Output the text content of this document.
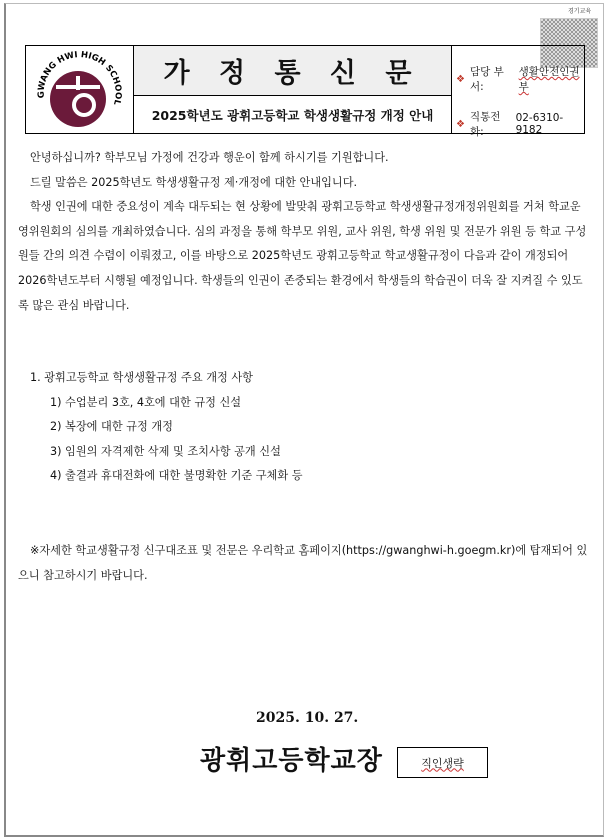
경기교육
GWANG HWI HIGH SCHOOL
가 정 통 신 문
2025학년도 광휘고등학교 학생생활규정 개정 안내
❖
담당 부서:
생활안전인권부
❖
직통전화:
02-6310-9182

안녕하십니까? 학부모님 가정에 건강과 행운이 함께 하시기를 기원합니다.

드릴 말씀은 2025학년도 학생생활규정 제·개정에 대한 안내입니다.

학생 인권에 대한 중요성이 계속 대두되는 현 상황에 발맞춰 광휘고등학교 학생생활규정개정위원회를 거쳐 학교운영위원회의 심의를 개최하였습니다. 심의 과정을 통해 학부모 위원, 교사 위원, 학생 위원 및 전문가 위원 등 학교 구성원들 간의 의견 수렴이 이뤄졌고, 이를 바탕으로 2025학년도 광휘고등학교 학교생활규정이 다음과 같이 개정되어 2026학년도부터 시행될 예정입니다. 학생들의 인권이 존중되는 환경에서 학생들의 학습권이 더욱 잘 지켜질 수 있도록 많은 관심 바랍니다.

1. 광휘고등학교 학생생활규정 주요 개정 사항

1) 수업분리 3호, 4호에 대한 규정 신설

2) 복장에 대한 규정 개정

3) 임원의 자격제한 삭제 및 조치사항 공개 신설

4) 출결과 휴대전화에 대한 불명확한 기준 구체화 등

※자세한 학교생활규정 신구대조표 및 전문은 우리학교 홈페이지(https://gwanghwi-h.goegm.kr)에 탑재되어 있으니 참고하시기 바랍니다.

2025. 10. 27.
광휘고등학교장	직인생략
